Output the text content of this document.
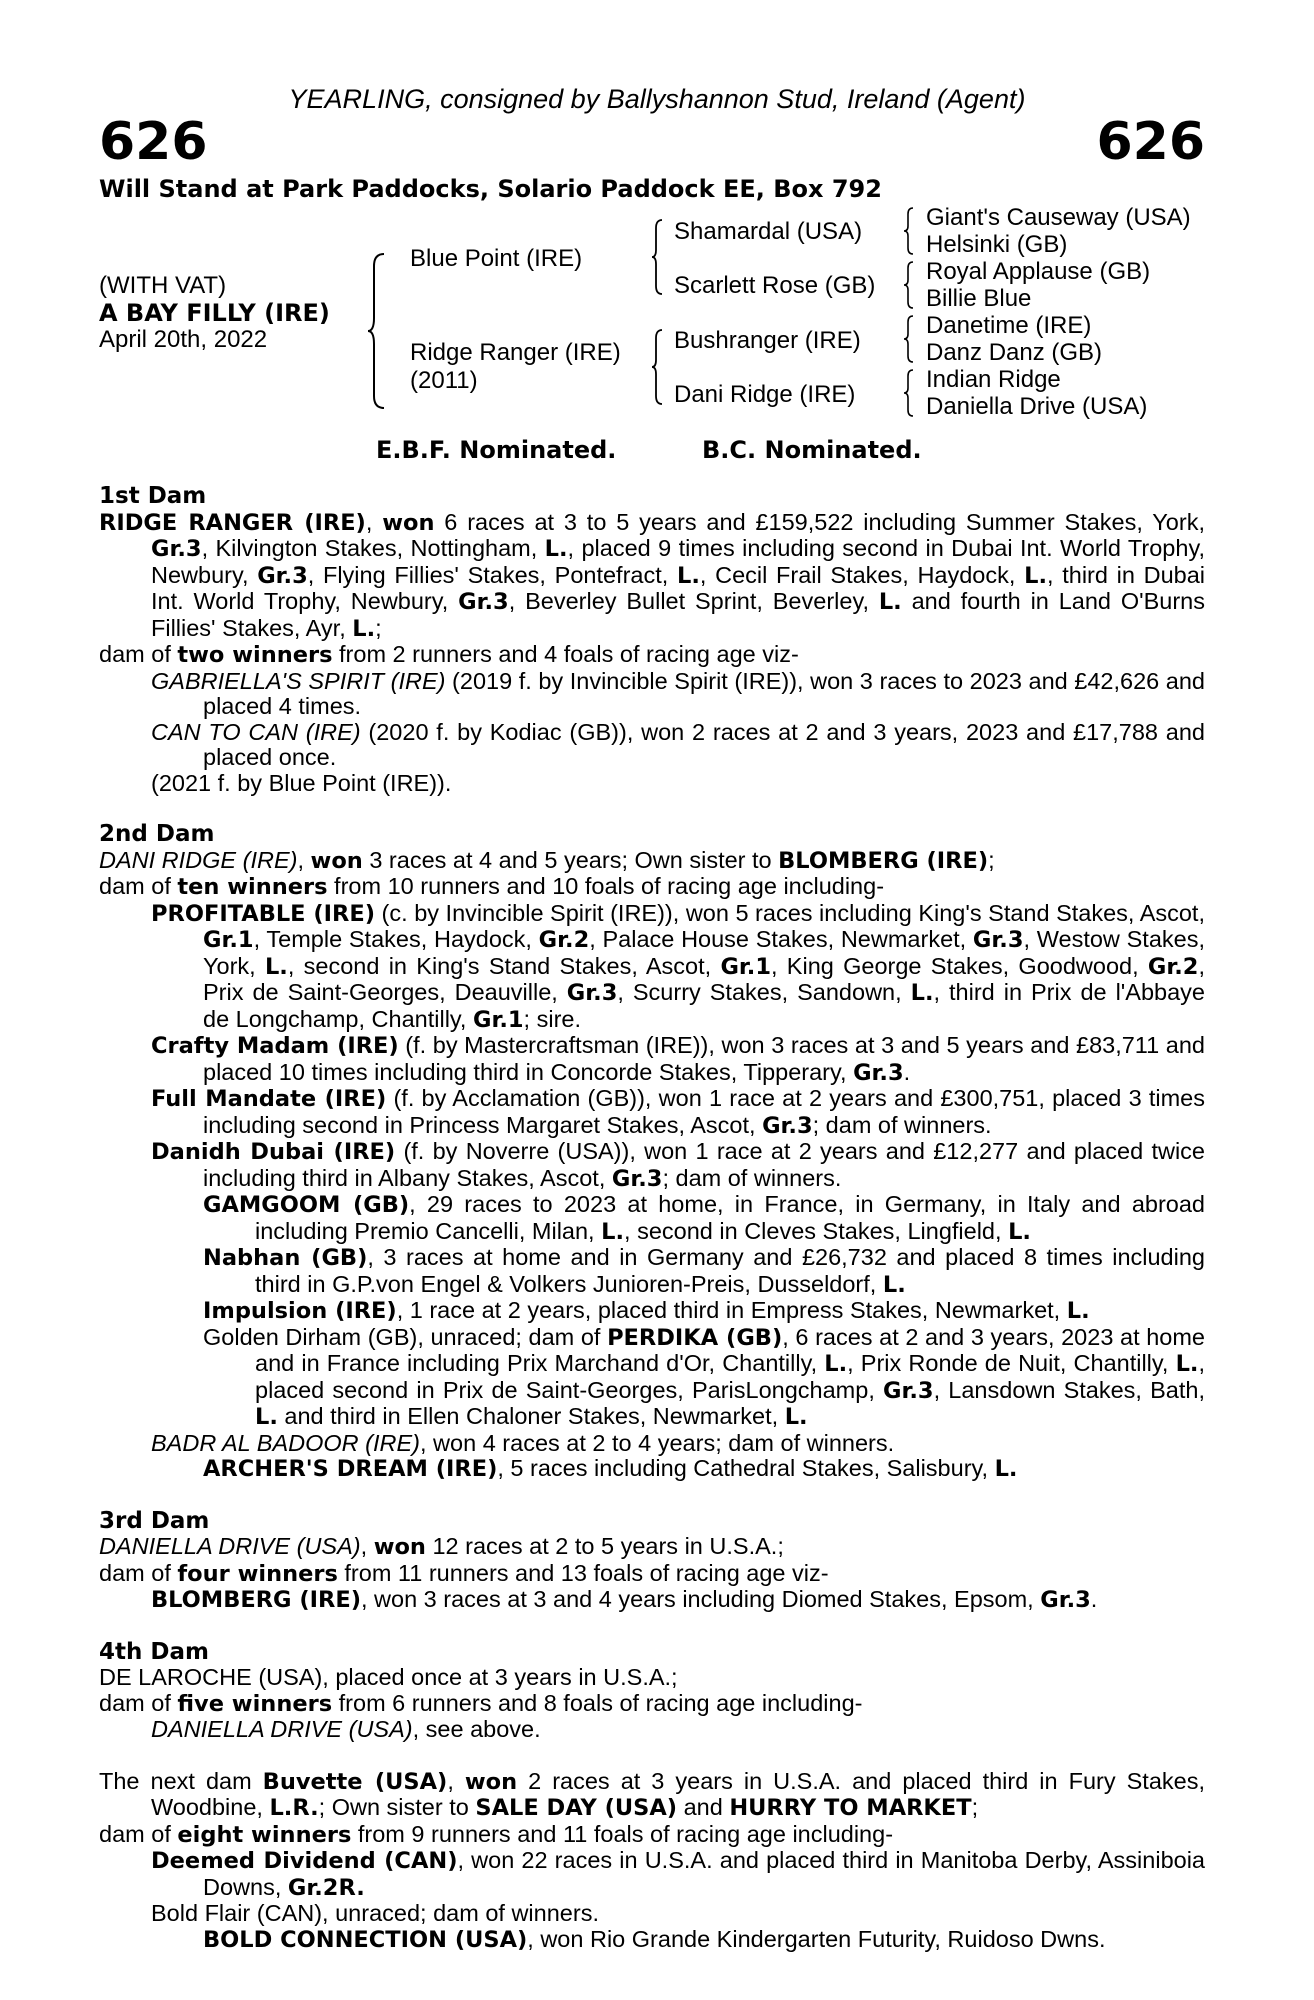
YEARLING, consigned by Ballyshannon Stud, Ireland (Agent)
626	626
Will Stand at Park Paddocks, Solario Paddock EE, Box 792
(WITH VAT)
A BAY FILLY (IRE)
April 20th, 2022
Blue Point (IRE)
Ridge Ranger (IRE)
(2011)
Shamardal (USA)
Scarlett Rose (GB)
Bushranger (IRE)
Dani Ridge (IRE)
Giant's Causeway (USA)
Helsinki (GB)
Royal Applause (GB)
Billie Blue
Danetime (IRE)
Danz Danz (GB)
Indian Ridge
Daniella Drive (USA)
E.B.F. Nominated.	B.C. Nominated.

1st Dam

RIDGE RANGER (IRE), won 6 races at 3 to 5 years and £159,522 including Summer Stakes, York, Gr.3, Kilvington Stakes, Nottingham, L., placed 9 times including second in Dubai Int. World Trophy, Newbury, Gr.3, Flying Fillies' Stakes, Pontefract, L., Cecil Frail Stakes, Haydock, L., third in Dubai Int. World Trophy, Newbury, Gr.3, Beverley Bullet Sprint, Beverley, L. and fourth in Land O'Burns Fillies' Stakes, Ayr, L.;

dam of two winners from 2 runners and 4 foals of racing age viz-

GABRIELLA'S SPIRIT (IRE) (2019 f. by Invincible Spirit (IRE)), won 3 races to 2023 and £42,626 and placed 4 times.

CAN TO CAN (IRE) (2020 f. by Kodiac (GB)), won 2 races at 2 and 3 years, 2023 and £17,788 and placed once.

(2021 f. by Blue Point (IRE)).

2nd Dam

DANI RIDGE (IRE), won 3 races at 4 and 5 years; Own sister to BLOMBERG (IRE);

dam of ten winners from 10 runners and 10 foals of racing age including-

PROFITABLE (IRE) (c. by Invincible Spirit (IRE)), won 5 races including King's Stand Stakes, Ascot, Gr.1, Temple Stakes, Haydock, Gr.2, Palace House Stakes, Newmarket, Gr.3, Westow Stakes, York, L., second in King's Stand Stakes, Ascot, Gr.1, King George Stakes, Goodwood, Gr.2, Prix de Saint-Georges, Deauville, Gr.3, Scurry Stakes, Sandown, L., third in Prix de l'Abbaye de Longchamp, Chantilly, Gr.1; sire.

Crafty Madam (IRE) (f. by Mastercraftsman (IRE)), won 3 races at 3 and 5 years and £83,711 and placed 10 times including third in Concorde Stakes, Tipperary, Gr.3.

Full Mandate (IRE) (f. by Acclamation (GB)), won 1 race at 2 years and £300,751, placed 3 times including second in Princess Margaret Stakes, Ascot, Gr.3; dam of winners.

Danidh Dubai (IRE) (f. by Noverre (USA)), won 1 race at 2 years and £12,277 and placed twice including third in Albany Stakes, Ascot, Gr.3; dam of winners.

GAMGOOM (GB), 29 races to 2023 at home, in France, in Germany, in Italy and abroad including Premio Cancelli, Milan, L., second in Cleves Stakes, Lingfield, L.

Nabhan (GB), 3 races at home and in Germany and £26,732 and placed 8 times including third in G.P.von Engel & Volkers Junioren-Preis, Dusseldorf, L.

Impulsion (IRE), 1 race at 2 years, placed third in Empress Stakes, Newmarket, L.

Golden Dirham (GB), unraced; dam of PERDIKA (GB), 6 races at 2 and 3 years, 2023 at home and in France including Prix Marchand d'Or, Chantilly, L., Prix Ronde de Nuit, Chantilly, L., placed second in Prix de Saint-Georges, ParisLongchamp, Gr.3, Lansdown Stakes, Bath, L. and third in Ellen Chaloner Stakes, Newmarket, L.

BADR AL BADOOR (IRE), won 4 races at 2 to 4 years; dam of winners.

ARCHER'S DREAM (IRE), 5 races including Cathedral Stakes, Salisbury, L.

3rd Dam

DANIELLA DRIVE (USA), won 12 races at 2 to 5 years in U.S.A.;

dam of four winners from 11 runners and 13 foals of racing age viz-

BLOMBERG (IRE), won 3 races at 3 and 4 years including Diomed Stakes, Epsom, Gr.3.

4th Dam

DE LAROCHE (USA), placed once at 3 years in U.S.A.;

dam of five winners from 6 runners and 8 foals of racing age including-

DANIELLA DRIVE (USA), see above.

The next dam Buvette (USA), won 2 races at 3 years in U.S.A. and placed third in Fury Stakes, Woodbine, L.R.; Own sister to SALE DAY (USA) and HURRY TO MARKET;

dam of eight winners from 9 runners and 11 foals of racing age including-

Deemed Dividend (CAN), won 22 races in U.S.A. and placed third in Manitoba Derby, Assiniboia Downs, Gr.2R.

Bold Flair (CAN), unraced; dam of winners.

BOLD CONNECTION (USA), won Rio Grande Kindergarten Futurity, Ruidoso Dwns.
